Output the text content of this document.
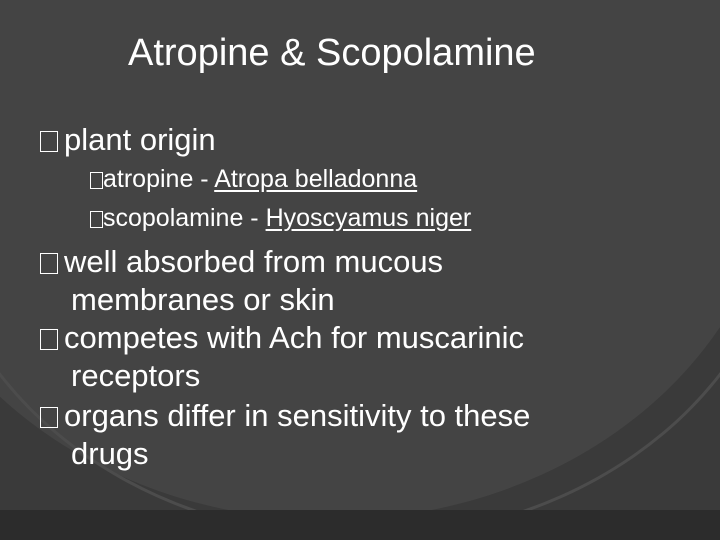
Atropine & Scopolamine
plant origin
atropine - Atropa belladonna
scopolamine - Hyoscyamus niger
well absorbed from mucous
membranes or skin
competes with Ach for muscarinic
receptors
organs differ in sensitivity to these
drugs
